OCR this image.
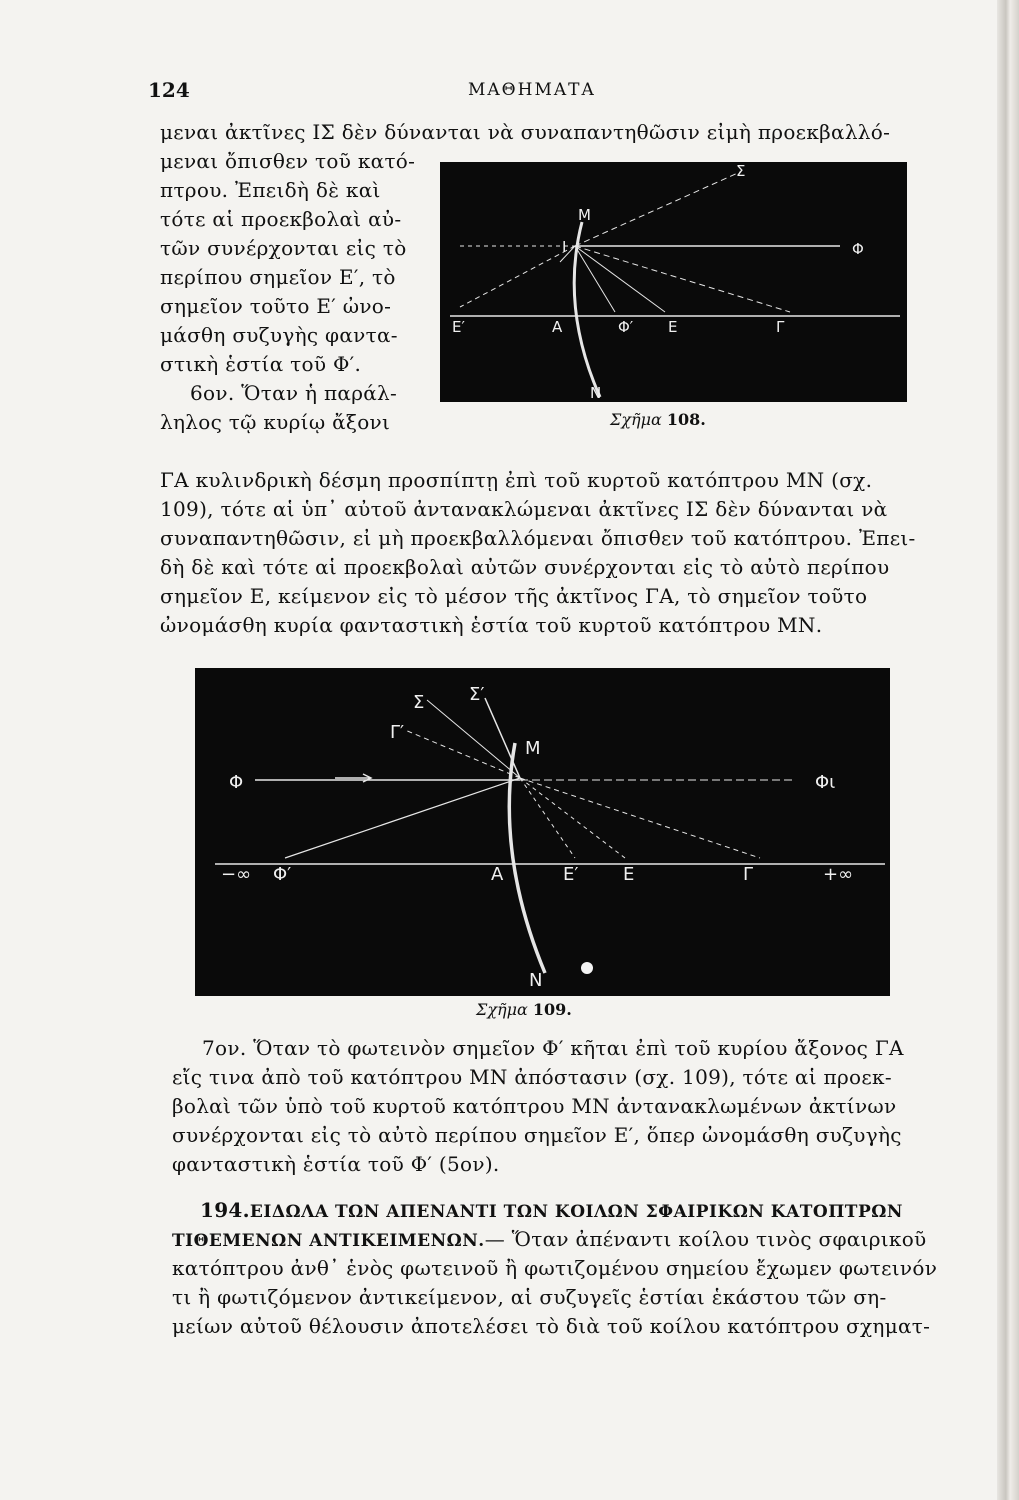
124	ΜΑΘΗΜΑΤΑ
μεναι ἀκτῖνες ΙΣ δὲν δύνανται νὰ συναπαντηθῶσιν εἰμὴ προεκβαλλό-
μεναι ὄπισθεν τοῦ κατό-
πτρου. Ἐπειδὴ δὲ καὶ
τότε αἱ προεκβολαὶ αὐ-
τῶν συνέρχονται εἰς τὸ
περίπου σημεῖον Ε′, τὸ
σημεῖον τοῦτο Ε′ ὠνο-
μάσθη συζυγὴς φαντα-
στικὴ ἑστία τοῦ Φ′.
6ον. Ὅταν ἡ παράλ-
ληλος τῷ κυρίῳ ἄξονι
Σ
Μ
Ι	Φ
Ε′	Α	Φ′ Ε	Γ
Ν
Σχῆμα 108.
ΓΑ κυλινδρικὴ δέσμη προσπίπτῃ ἐπὶ τοῦ κυρτοῦ κατόπτρου ΜΝ (σχ.
109), τότε αἱ ὑπ᾽ αὐτοῦ ἀντανακλώμεναι ἀκτῖνες ΙΣ δὲν δύνανται νὰ
συναπαντηθῶσιν, εἰ μὴ προεκβαλλόμεναι ὄπισθεν τοῦ κατόπτρου. Ἐπει-
δὴ δὲ καὶ τότε αἱ προεκβολαὶ αὐτῶν συνέρχονται εἰς τὸ αὐτὸ περίπου
σημεῖον Ε, κείμενον εἰς τὸ μέσον τῆς ἀκτῖνος ΓΑ, τὸ σημεῖον τοῦτο
ὠνομάσθη κυρία φανταστικὴ ἑστία τοῦ κυρτοῦ κατόπτρου ΜΝ.
Σ Σ′
Γ′
Μ
Φ	Φι
−∞ Φ′	Α	Ε′ Ε	Γ	+∞
Ν
Σχῆμα 109.
7ον. Ὅταν τὸ φωτεινὸν σημεῖον Φ′ κῆται ἐπὶ τοῦ κυρίου ἄξονος ΓΑ
εἴς τινα ἀπὸ τοῦ κατόπτρου ΜΝ ἀπόστασιν (σχ. 109), τότε αἱ προεκ-
βολαὶ τῶν ὑπὸ τοῦ κυρτοῦ κατόπτρου ΜΝ ἀντανακλωμένων ἀκτίνων
συνέρχονται εἰς τὸ αὐτὸ περίπου σημεῖον Ε′, ὅπερ ὠνομάσθη συζυγὴς
φανταστικὴ ἑστία τοῦ Φ′ (5ον).
194.ΕΙΔΩΛΑ ΤΩΝ ΑΠΕΝΑΝΤΙ ΤΩΝ ΚΟΙΛΩΝ ΣΦΑΙΡΙΚΩΝ ΚΑΤΟΠΤΡΩΝ
ΤΙΘΕΜΕΝΩΝ ΑΝΤΙΚΕΙΜΕΝΩΝ.— Ὅταν ἀπέναντι κοίλου τινὸς σφαιρικοῦ
κατόπτρου ἀνθ᾽ ἑνὸς φωτεινοῦ ἢ φωτιζομένου σημείου ἔχωμεν φωτεινόν
τι ἢ φωτιζόμενον ἀντικείμενον, αἱ συζυγεῖς ἑστίαι ἑκάστου τῶν ση-
μείων αὐτοῦ θέλουσιν ἀποτελέσει τὸ διὰ τοῦ κοίλου κατόπτρου σχηματ-
